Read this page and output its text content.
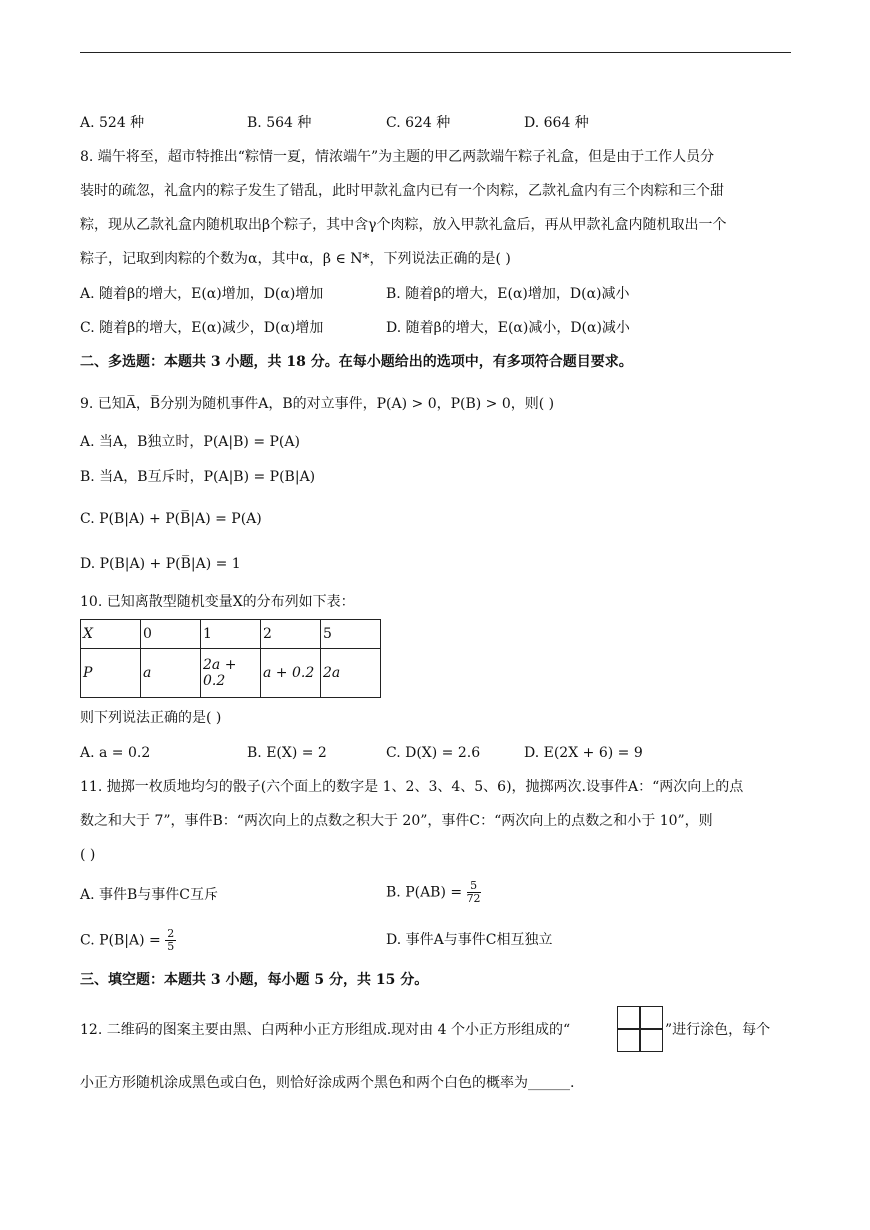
A. 524 种	B. 564 种	C. 624 种	D. 664 种
8. 端午将至，超市特推出“粽情一夏，情浓端午”为主题的甲乙两款端午粽子礼盒，但是由于工作人员分
装时的疏忽，礼盒内的粽子发生了错乱，此时甲款礼盒内已有一个肉粽，乙款礼盒内有三个肉粽和三个甜
粽，现从乙款礼盒内随机取出β个粽子，其中含γ个肉粽，放入甲款礼盒后，再从甲款礼盒内随机取出一个
粽子，记取到肉粽的个数为α，其中α，β ∈ N*，下列说法正确的是( )
A. 随着β的增大，E(α)增加，D(α)增加	B. 随着β的增大，E(α)增加，D(α)减小
C. 随着β的增大，E(α)减少，D(α)增加	D. 随着β的增大，E(α)减小，D(α)减小
二、多选题：本题共 3 小题，共 18 分。在每小题给出的选项中，有多项符合题目要求。
9. 已知A̅，B̅分别为随机事件A，B的对立事件，P(A) > 0，P(B) > 0，则( )
A. 当A，B独立时，P(A|B) = P(A)
B. 当A，B互斥时，P(A|B) = P(B|A)
C. P(B|A) + P(B̅|A) = P(A)
D. P(B|A) + P(B̅|A) = 1
10. 已知离散型随机变量X的分布列如下表：
X	0	1	2	5
P	a	2a + 0.2	a + 0.2	2a
则下列说法正确的是( )
A. a = 0.2	B. E(X) = 2	C. D(X) = 2.6	D. E(2X + 6) = 9
11. 抛掷一枚质地均匀的骰子(六个面上的数字是 1、2、3、4、5、6)，抛掷两次.设事件A：“两次向上的点
数之和大于 7”，事件B：“两次向上的点数之积大于 20”，事件C：“两次向上的点数之和小于 10”，则
( )
A. 事件B与事件C互斥	B. $P(AB) = \frac{5}{72}$
C. $P(B|A) = \frac{2}{5}$	D. 事件A与事件C相互独立
三、填空题：本题共 3 小题，每小题 5 分，共 15 分。
12. 二维码的图案主要由黑、白两种小正方形组成.现对由 4 个小正方形组成的“	”进行涂色，每个
小正方形随机涂成黑色或白色，则恰好涂成两个黑色和两个白色的概率为______.
